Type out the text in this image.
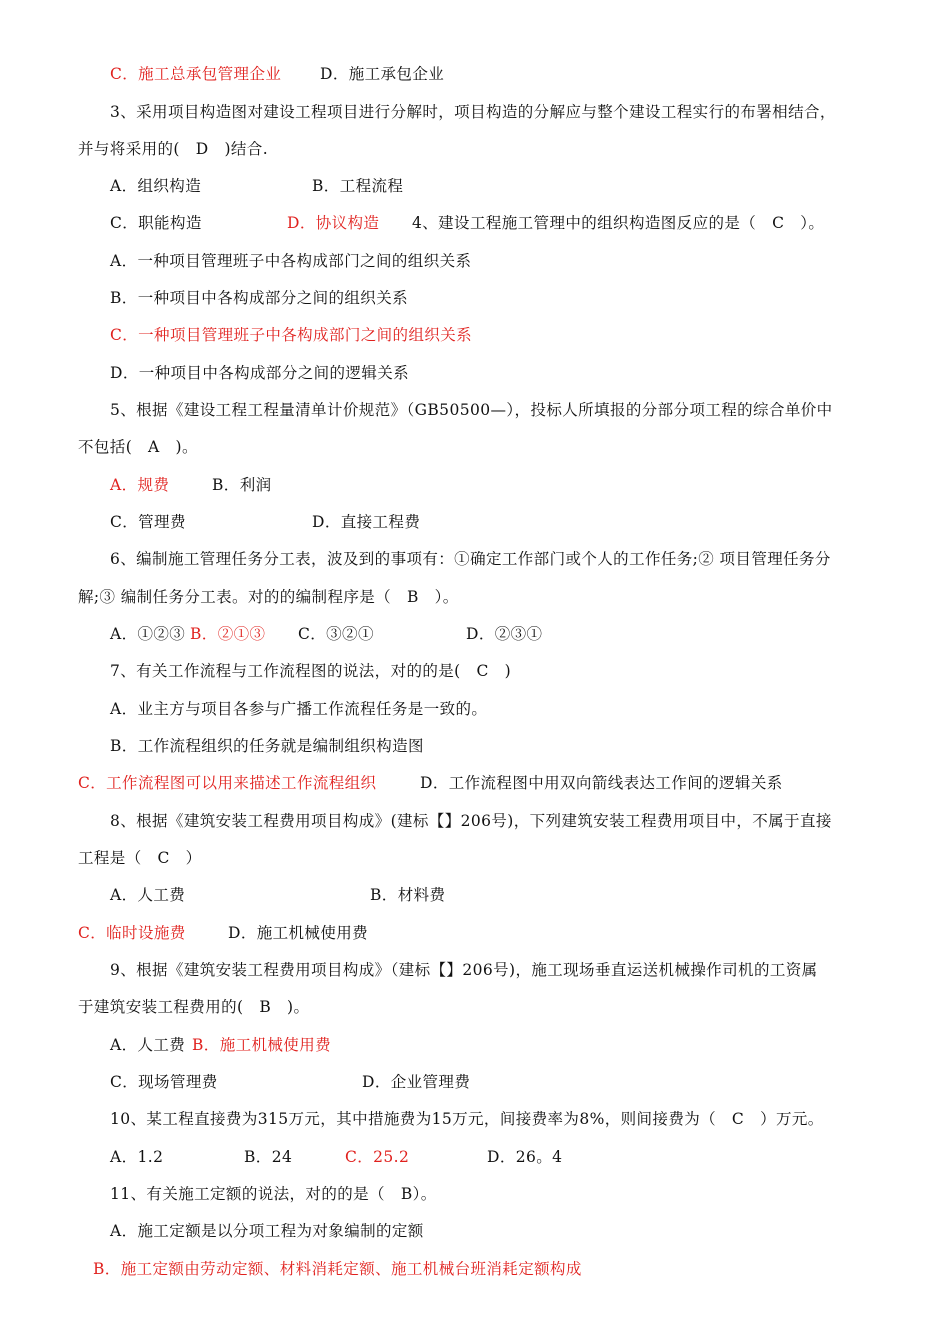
C．施工总承包管理企业 D．施工承包企业
3、采用项目构造图对建设工程项目进行分解时，项目构造的分解应与整个建设工程实行的布署相结合，
并与将采用的(　D　)结合.
A．组织构造	B．工程流程
C．职能构造	D．协议构造 4、建设工程施工管理中的组织构造图反应的是（　C　）。
A．一种项目管理班子中各构成部门之间的组织关系
B．一种项目中各构成部分之间的组织关系
C．一种项目管理班子中各构成部门之间的组织关系
D．一种项目中各构成部分之间的逻辑关系
5、根据《建设工程工程量清单计价规范》（GB50500—），投标人所填报的分部分项工程的综合单价中
不包括(　A　)。
A．规费	B．利润
C．管理费	D．直接工程费
6、编制施工管理任务分工表，波及到的事项有：①确定工作部门或个人的工作任务;② 项目管理任务分
解;③ 编制任务分工表。对的的编制程序是（　B　）。
A．①②③ B．②①③ C．③②①	D．②③①
7、有关工作流程与工作流程图的说法，对的的是(　C　)
A．业主方与项目各参与广播工作流程任务是一致的。
B．工作流程组织的任务就是编制组织构造图
C．工作流程图可以用来描述工作流程组织	D．工作流程图中用双向箭线表达工作间的逻辑关系
8、根据《建筑安装工程费用项目构成》(建标【】206号)，下列建筑安装工程费用项目中，不属于直接
工程是（　C　）
A．人工费	B．材料费
C．临时设施费	D．施工机械使用费
9、根据《建筑安装工程费用项目构成》（建标【】206号)，施工现场垂直运送机械操作司机的工资属
于建筑安装工程费用的(　B　)。
A．人工费 B．施工机械使用费
C．现场管理费	D．企业管理费
10、某工程直接费为315万元，其中措施费为15万元，间接费率为8%，则间接费为（　C　）万元。
A．1.2	B．24	C．25.2	D．26。4
11、有关施工定额的说法，对的的是（　B）。
A．施工定额是以分项工程为对象编制的定额
B．施工定额由劳动定额、材料消耗定额、施工机械台班消耗定额构成
